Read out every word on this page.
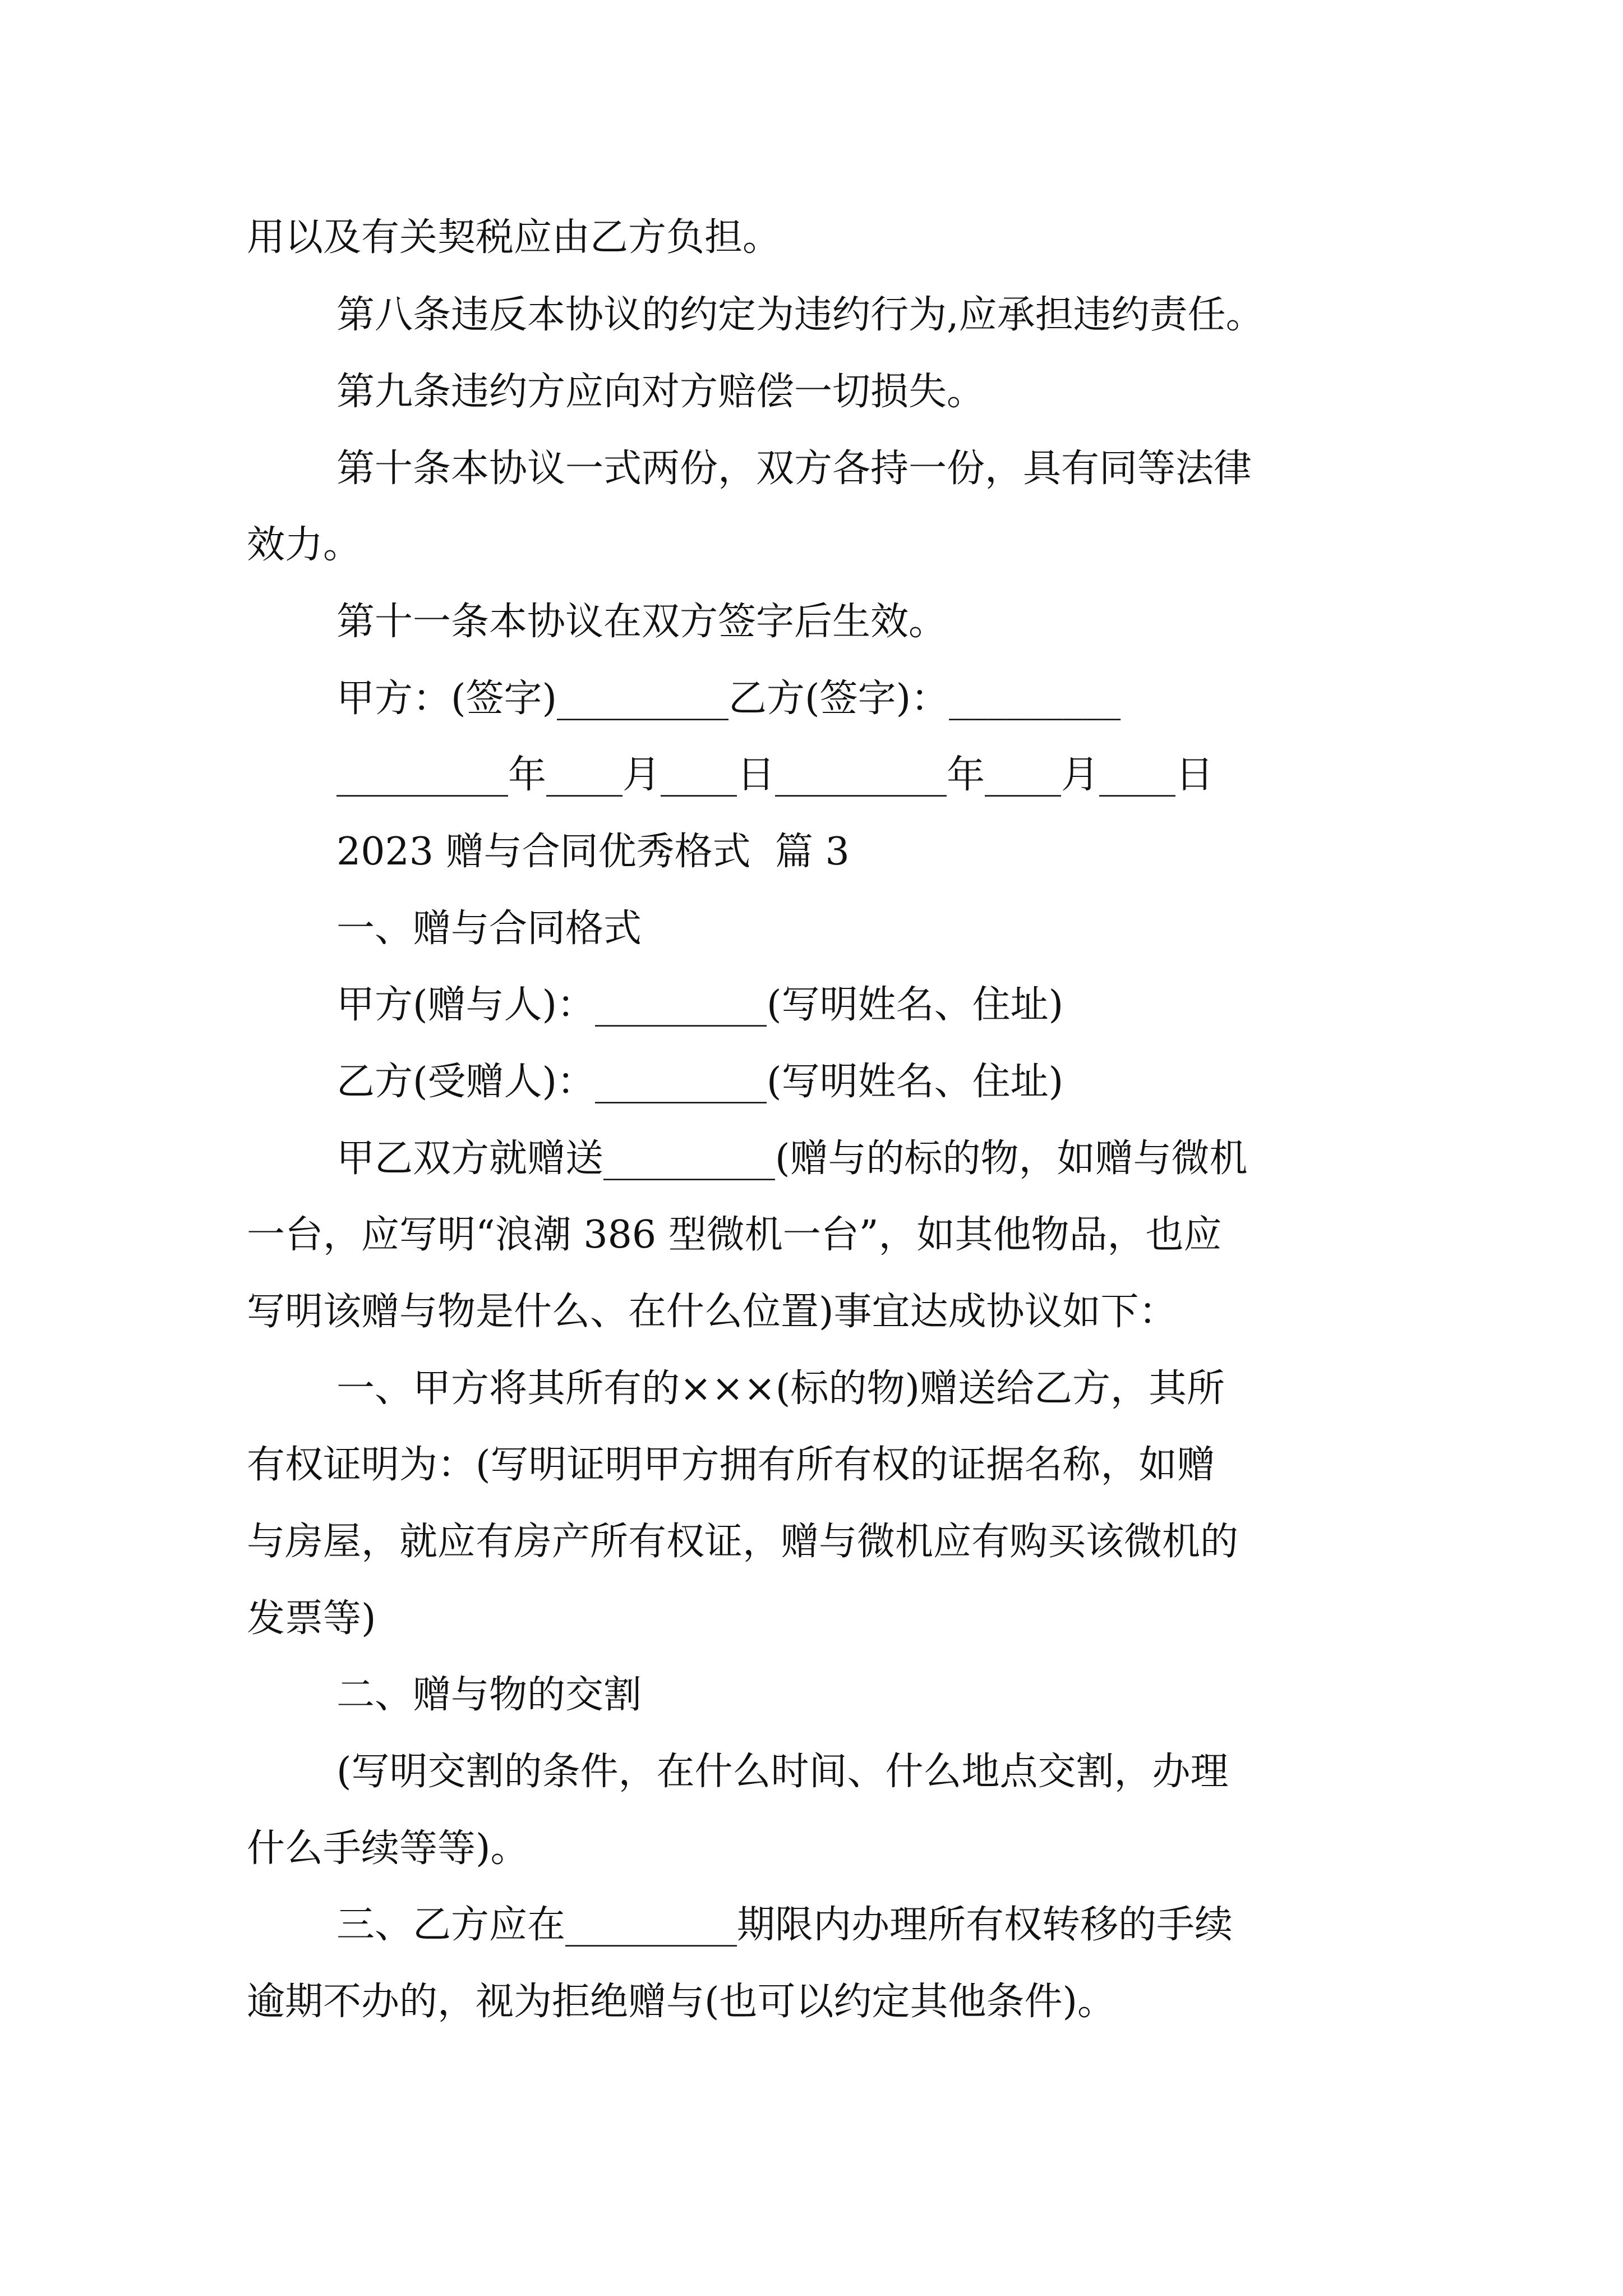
用以及有关契税应由乙方负担。
第八条违反本协议的约定为违约行为,应承担违约责任。
第九条违约方应向对方赔偿一切损失。
第十条本协议一式两份，双方各持一份，具有同等法律
效力。
第十一条本协议在双方签字后生效。
甲方：(签字)_________乙方(签字)：_________
_________年____月____日_________年____月____日
2023 赠与合同优秀格式  篇 3
一、赠与合同格式
甲方(赠与人)：_________(写明姓名、住址)
乙方(受赠人)：_________(写明姓名、住址)
甲乙双方就赠送_________(赠与的标的物，如赠与微机
一台，应写明“浪潮 386 型微机一台”，如其他物品，也应
写明该赠与物是什么、在什么位置)事宜达成协议如下：
一、甲方将其所有的×××(标的物)赠送给乙方，其所
有权证明为：(写明证明甲方拥有所有权的证据名称，如赠
与房屋，就应有房产所有权证，赠与微机应有购买该微机的
发票等)
二、赠与物的交割
(写明交割的条件，在什么时间、什么地点交割，办理
什么手续等等)。
三、乙方应在_________期限内办理所有权转移的手续
逾期不办的，视为拒绝赠与(也可以约定其他条件)。
